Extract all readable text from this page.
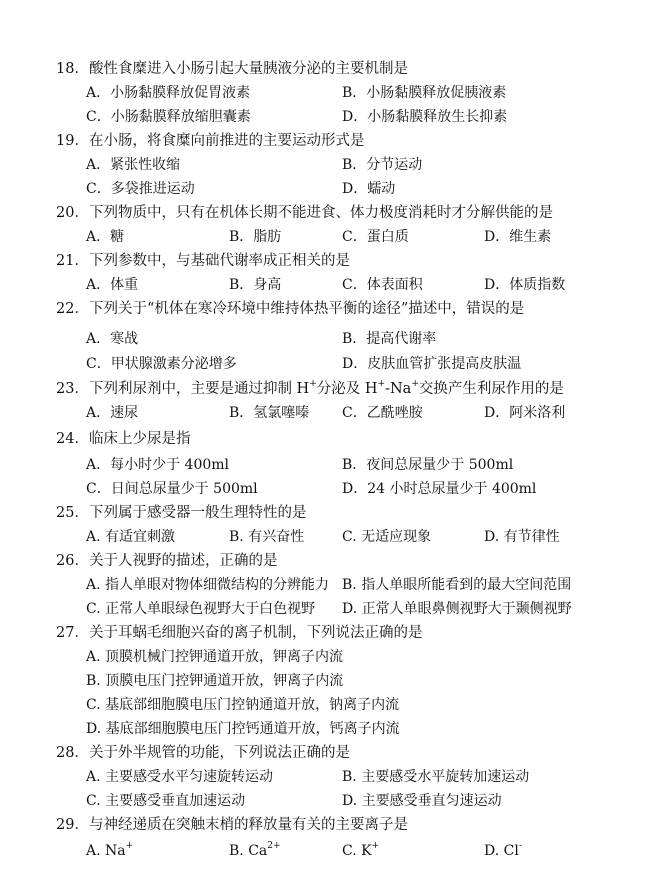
18．酸性食糜进入小肠引起大量胰液分泌的主要机制是
A．小肠黏膜释放促胃液素	B．小肠黏膜释放促胰液素
C．小肠黏膜释放缩胆囊素	D．小肠黏膜释放生长抑素
19．在小肠，将食糜向前推进的主要运动形式是
A．紧张性收缩	B．分节运动
C．多袋推进运动	D．蠕动
20．下列物质中，只有在机体长期不能进食、体力极度消耗时才分解供能的是
A．糖	B．脂肪	C．蛋白质	D．维生素
21．下列参数中，与基础代谢率成正相关的是
A．体重	B．身高	C．体表面积	D．体质指数
22．下列关于“机体在寒冷环境中维持体热平衡的途径”描述中，错误的是
A．寒战	B．提高代谢率
C．甲状腺激素分泌增多	D．皮肤血管扩张提高皮肤温
23．下列利尿剂中，主要是通过抑制 H+分泌及 H+-Na+交换产生利尿作用的是
A．速尿	B．氢氯噻嗪 C．乙酰唑胺	D．阿米洛利
24．临床上少尿是指
A．每小时少于 400ml	B．夜间总尿量少于 500ml
C．日间总尿量少于 500ml	D．24 小时总尿量少于 400ml
25．下列属于感受器一般生理特性的是
A. 有适宜刺激	B. 有兴奋性	C. 无适应现象	D. 有节律性
26．关于人视野的描述，正确的是
A. 指人单眼对物体细微结构的分辨能力 B. 指人单眼所能看到的最大空间范围
C. 正常人单眼绿色视野大于白色视野 D. 正常人单眼鼻侧视野大于颞侧视野
27．关于耳蜗毛细胞兴奋的离子机制，下列说法正确的是
A. 顶膜机械门控钾通道开放，钾离子内流
B. 顶膜电压门控钾通道开放，钾离子内流
C. 基底部细胞膜电压门控钠通道开放，钠离子内流
D. 基底部细胞膜电压门控钙通道开放，钙离子内流
28．关于外半规管的功能，下列说法正确的是
A. 主要感受水平匀速旋转运动	B. 主要感受水平旋转加速运动
C. 主要感受垂直加速运动	D. 主要感受垂直匀速运动
29．与神经递质在突触末梢的释放量有关的主要离子是
A. Na+	B. $Ca^{2+}$	C. K+	D. Cl-
